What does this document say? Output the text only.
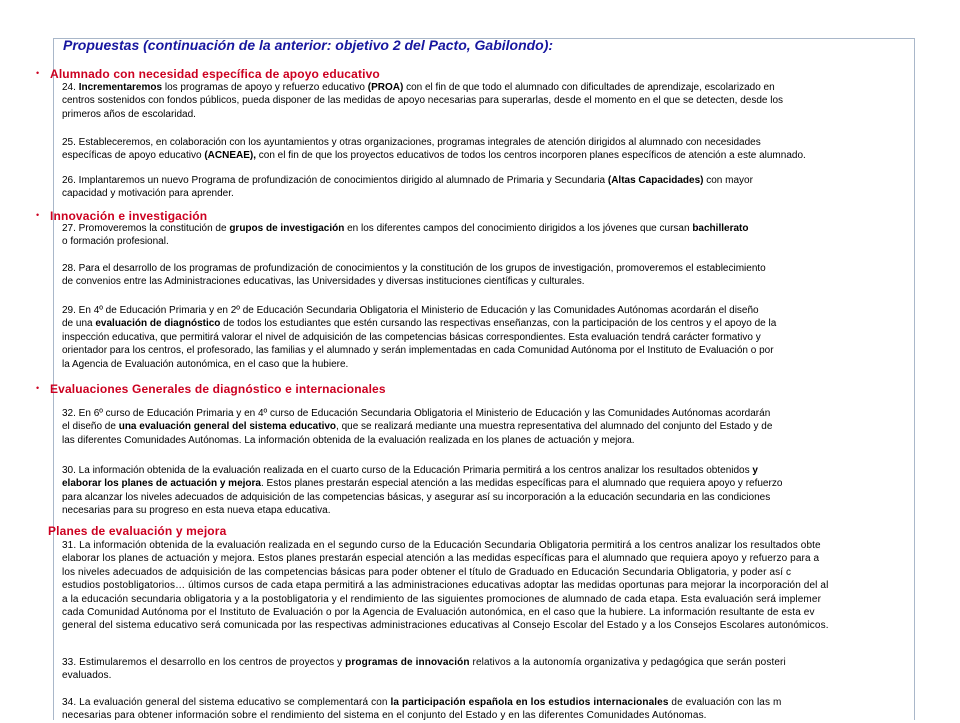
Propuestas (continuación de la anterior: objetivo 2 del Pacto, Gabilondo):
• Alumnado con necesidad específica de apoyo educativo
24. Incrementaremos los programas de apoyo y refuerzo educativo (PROA) con el fin de que todo el alumnado con dificultades de aprendizaje, escolarizado en
centros sostenidos con fondos públicos, pueda disponer de las medidas de apoyo necesarias para superarlas, desde el momento en el que se detecten, desde los
primeros años de escolaridad.
25. Estableceremos, en colaboración con los ayuntamientos y otras organizaciones, programas integrales de atención dirigidos al alumnado con necesidades
específicas de apoyo educativo (ACNEAE), con el fin de que los proyectos educativos de todos los centros incorporen planes específicos de atención a este alumnado.
26. Implantaremos un nuevo Programa de profundización de conocimientos dirigido al alumnado de Primaria y Secundaria (Altas Capacidades) con mayor
capacidad y motivación para aprender.
• Innovación e investigación
27. Promoveremos la constitución de grupos de investigación en los diferentes campos del conocimiento dirigidos a los jóvenes que cursan bachillerato
o formación profesional.
28. Para el desarrollo de los programas de profundización de conocimientos y la constitución de los grupos de investigación, promoveremos el establecimiento
de convenios entre las Administraciones educativas, las Universidades y diversas instituciones científicas y culturales.
29. En 4º de Educación Primaria y en 2º de Educación Secundaria Obligatoria el Ministerio de Educación y las Comunidades Autónomas acordarán el diseño
de una evaluación de diagnóstico de todos los estudiantes que estén cursando las respectivas enseñanzas, con la participación de los centros y el apoyo de la
inspección educativa, que permitirá valorar el nivel de adquisición de las competencias básicas correspondientes. Esta evaluación tendrá carácter formativo y
orientador para los centros, el profesorado, las familias y el alumnado y serán implementadas en cada Comunidad Autónoma por el Instituto de Evaluación o por
la Agencia de Evaluación autonómica, en el caso que la hubiere.
• Evaluaciones Generales de diagnóstico e internacionales
32. En 6º curso de Educación Primaria y en 4º curso de Educación Secundaria Obligatoria el Ministerio de Educación y las Comunidades Autónomas acordarán
el diseño de una evaluación general del sistema educativo, que se realizará mediante una muestra representativa del alumnado del conjunto del Estado y de
las diferentes Comunidades Autónomas. La información obtenida de la evaluación realizada en los planes de actuación y mejora.
30. La información obtenida de la evaluación realizada en el cuarto curso de la Educación Primaria permitirá a los centros analizar los resultados obtenidos y
elaborar los planes de actuación y mejora. Estos planes prestarán especial atención a las medidas específicas para el alumnado que requiera apoyo y refuerzo
para alcanzar los niveles adecuados de adquisición de las competencias básicas, y asegurar así su incorporación a la educación secundaria en las condiciones
necesarias para su progreso en esta nueva etapa educativa.
Planes de evaluación y mejora
31. La información obtenida de la evaluación realizada en el segundo curso de la Educación Secundaria Obligatoria permitirá a los centros analizar los resultados obte
elaborar los planes de actuación y mejora. Estos planes prestarán especial atención a las medidas específicas para el alumnado que requiera apoyo y refuerzo para a
los niveles adecuados de adquisición de las competencias básicas para poder obtener el título de Graduado en Educación Secundaria Obligatoria, y poder así c
estudios postobligatorios… últimos cursos de cada etapa permitirá a las administraciones educativas adoptar las medidas oportunas para mejorar la incorporación del al
a la educación secundaria obligatoria y a la postobligatoria y el rendimiento de las siguientes promociones de alumnado de cada etapa. Esta evaluación será implemer
cada Comunidad Autónoma por el Instituto de Evaluación o por la Agencia de Evaluación autonómica, en el caso que la hubiere. La información resultante de esta ev
general del sistema educativo será comunicada por las respectivas administraciones educativas al Consejo Escolar del Estado y a los Consejos Escolares autonómicos.
33. Estimularemos el desarrollo en los centros de proyectos y programas de innovación relativos a la autonomía organizativa y pedagógica que serán posteri
evaluados.
34. La evaluación general del sistema educativo se complementará con la participación española en los estudios internacionales de evaluación con las m
necesarias para obtener información sobre el rendimiento del sistema en el conjunto del Estado y en las diferentes Comunidades Autónomas.
